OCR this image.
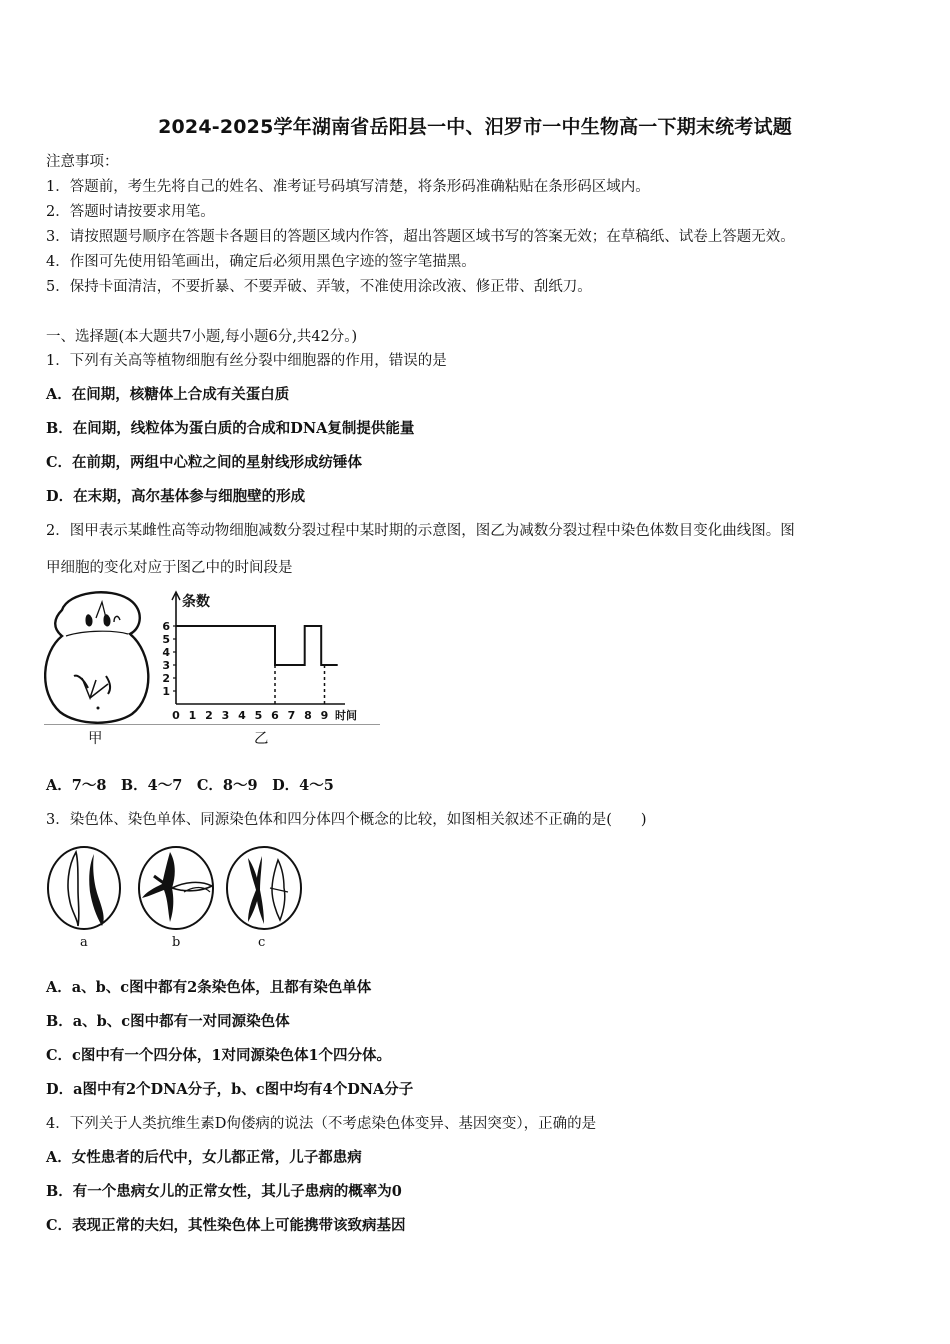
2024-2025学年湖南省岳阳县一中、汨罗市一中生物高一下期末统考试题
注意事项：
1．答题前，考生先将自己的姓名、准考证号码填写清楚，将条形码准确粘贴在条形码区域内。
2．答题时请按要求用笔。
3．请按照题号顺序在答题卡各题目的答题区域内作答，超出答题区域书写的答案无效；在草稿纸、试卷上答题无效。
4．作图可先使用铅笔画出，确定后必须用黑色字迹的签字笔描黑。
5．保持卡面清洁，不要折暴、不要弄破、弄皱，不准使用涂改液、修正带、刮纸刀。
一、选择题(本大题共7小题,每小题6分,共42分。)
1．下列有关高等植物细胞有丝分裂中细胞器的作用，错误的是
A．在间期，核糖体上合成有关蛋白质
B．在间期，线粒体为蛋白质的合成和DNA复制提供能量
C．在前期，两组中心粒之间的星射线形成纺锤体
D．在末期，高尔基体参与细胞壁的形成
2．图甲表示某雌性高等动物细胞减数分裂过程中某时期的示意图，图乙为减数分裂过程中染色体数目变化曲线图。图
甲细胞的变化对应于图乙中的时间段是
条数
1
2
3
4
5
6
0 1 2 3 4 5 6 7 8 9 时间
甲	乙
A．7～8　B．4～7　C．8～9　D．4～5
3．染色体、染色单体、同源染色体和四分体四个概念的比较，如图相关叙述不正确的是(　　)
a	b	c
A．a、b、c图中都有2条染色体，且都有染色单体
B．a、b、c图中都有一对同源染色体
C．c图中有一个四分体，1对同源染色体1个四分体。
D．a图中有2个DNA分子，b、c图中均有4个DNA分子
4．下列关于人类抗维生素D佝偻病的说法（不考虑染色体变异、基因突变），正确的是
A．女性患者的后代中，女儿都正常，儿子都患病
B．有一个患病女儿的正常女性，其儿子患病的概率为0
C．表现正常的夫妇，其性染色体上可能携带该致病基因
